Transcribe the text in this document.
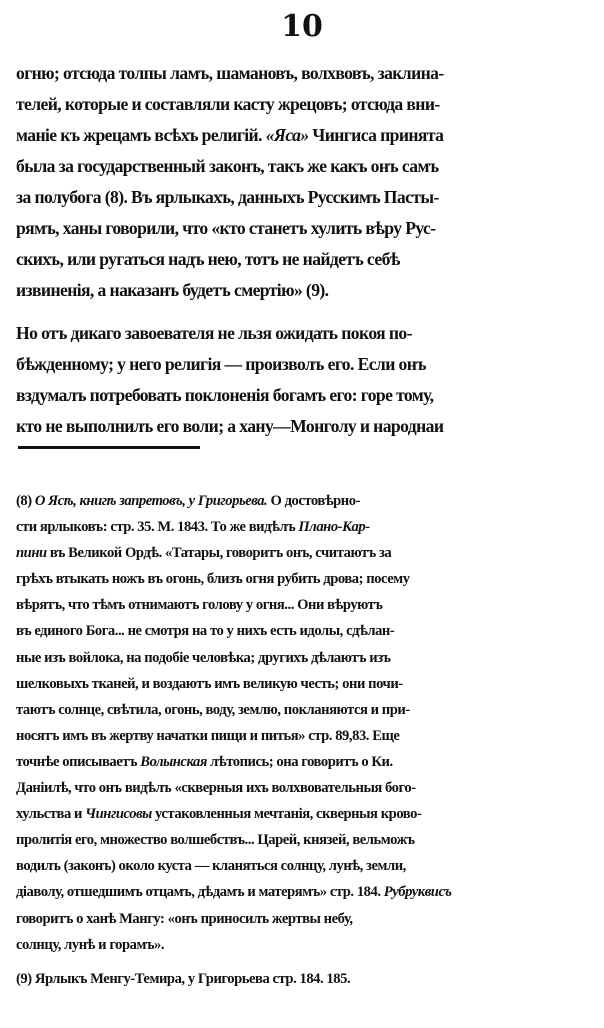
10
огню; отсюда толпы ламъ, шамановъ, волхвовъ, заклина-
телей, которые и составляли касту жрецовъ; отсюда вни-
маніе къ жрецамъ всѣхъ религій. «Яса» Чингиса принята
была за государственный законъ, такъ же какъ онъ самъ
за полубога (8). Въ ярлыкахъ, данныхъ Русскимъ Пасты-
рямъ, ханы говорили, что «кто станетъ хулить вѣру Рус-
скихъ, или ругаться надъ нею, тотъ не найдетъ себѣ
извиненія, а наказанъ будетъ смертію» (9).
Но отъ дикаго завоевателя не льзя ожидать покоя по-
бѣжденному; у него религія — произволъ его. Если онъ
вздумалъ потребовать поклоненія богамъ его: горе тому,
кто не выполнилъ его воли; а хану—Монголу и народнаи
(8) О Ясѣ, книгѣ запретовъ, у Григорьева. О достовѣрно-
сти ярлыковъ: стр. 35. М. 1843. То же видѣлъ Плано-Кар-
пини въ Великой Ордѣ. «Татары, говоритъ онъ, считаютъ за
грѣхъ втыкать ножъ въ огонь, близъ огня рубить дрова; посему
вѣрятъ, что тѣмъ отнимаютъ голову у огня... Они вѣруютъ
въ единого Бога... не смотря на то у нихъ есть идолы, сдѣлан-
ные изъ войлока, на подобіе человѣка; другихъ дѣлаютъ изъ
шелковыхъ тканей, и воздаютъ имъ великую честь; они почи-
таютъ солнце, свѣтила, огонь, воду, землю, покланяются и при-
носятъ имъ въ жертву начатки пищи и питья» стр. 89,83. Еще
точнѣе описываетъ Волынская лѣтопись; она говоритъ о Ки.
Даніилѣ, что онъ видѣлъ «скверныя ихъ волхвовательныя бого-
хульства и Чингисовы устаковленныя мечтанія, скверныя крово-
пролитія его, множество волшебствъ... Царей, князей, вельможъ
водилъ (законъ) около куста — кланяться солнцу, лунѣ, земли,
діаволу, отшедшимъ отцамъ, дѣдамъ и матерямъ» стр. 184. Рубруквисъ
говоритъ о ханѣ Мангу: «онъ приносилъ жертвы небу,
солнцу, лунѣ и горамъ».
(9) Ярлыкъ Менгу-Темира, у Григорьева стр. 184. 185.
